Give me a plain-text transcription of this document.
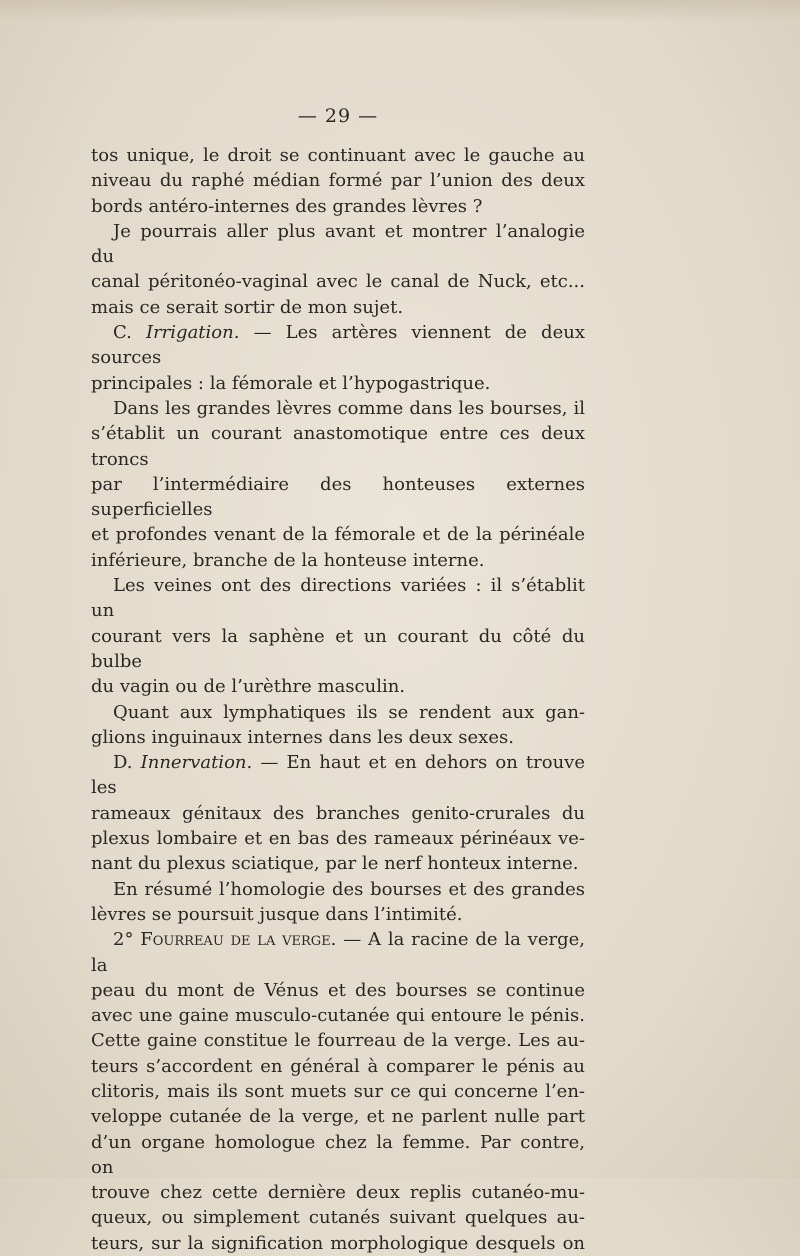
— 29 —

tos unique, le droit se continuant avec le gauche au

niveau du raphé médian formé par l’union des deux

bords antéro-internes des grandes lèvres ?

Je pourrais aller plus avant et montrer l’analogie du

canal péritonéo-vaginal avec le canal de Nuck, etc...

mais ce serait sortir de mon sujet.

C. Irrigation. — Les artères viennent de deux sources

principales : la fémorale et l’hypogastrique.

Dans les grandes lèvres comme dans les bourses, il

s’établit un courant anastomotique entre ces deux troncs

par l’intermédiaire des honteuses externes superficielles

et profondes venant de la fémorale et de la périnéale

inférieure, branche de la honteuse interne.

Les veines ont des directions variées : il s’établit un

courant vers la saphène et un courant du côté du bulbe

du vagin ou de l’urèthre masculin.

Quant aux lymphatiques ils se rendent aux gan-

glions inguinaux internes dans les deux sexes.

D. Innervation. — En haut et en dehors on trouve les

rameaux génitaux des branches genito-crurales du

plexus lombaire et en bas des rameaux périnéaux ve-

nant du plexus sciatique, par le nerf honteux interne.

En résumé l’homologie des bourses et des grandes

lèvres se poursuit jusque dans l’intimité.

2° Fourreau de la verge. — A la racine de la verge, la

peau du mont de Vénus et des bourses se continue

avec une gaine musculo-cutanée qui entoure le pénis.

Cette gaine constitue le fourreau de la verge. Les au-

teurs s’accordent en général à comparer le pénis au

clitoris, mais ils sont muets sur ce qui concerne l’en-

veloppe cutanée de la verge, et ne parlent nulle part

d’un organe homologue chez la femme. Par contre, on

trouve chez cette dernière deux replis cutanéo-mu-

queux, ou simplement cutanés suivant quelques au-

teurs, sur la signification morphologique desquels on
